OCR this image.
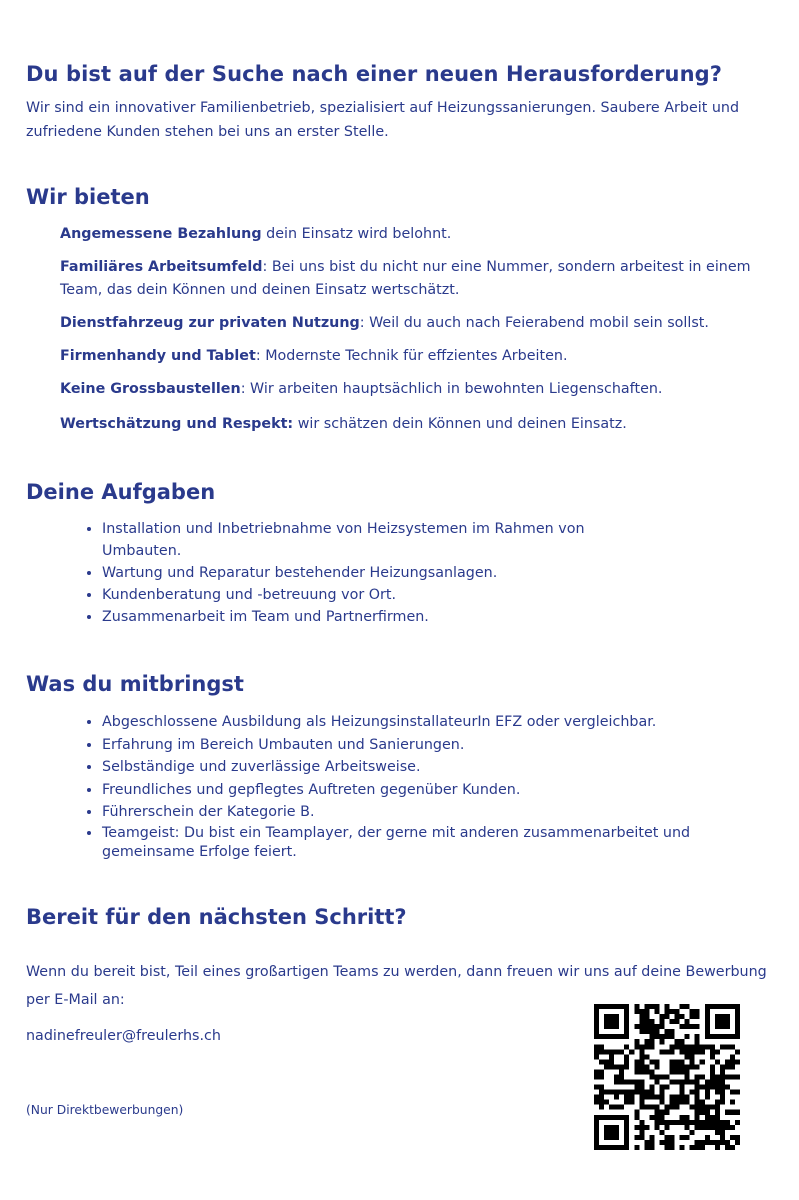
Du bist auf der Suche nach einer neuen Herausforderung?

Wir sind ein innovativer Familienbetrieb, spezialisiert auf Heizungssanierungen. Saubere Arbeit und zufriedene Kunden stehen bei uns an erster Stelle.

Wir bieten

Angemessene Bezahlung dein Einsatz wird belohnt.

Familiäres Arbeitsumfeld: Bei uns bist du nicht nur eine Nummer, sondern arbeitest in einem Team, das dein Können und deinen Einsatz wertschätzt.

Dienstfahrzeug zur privaten Nutzung: Weil du auch nach Feierabend mobil sein sollst.

Firmenhandy und Tablet: Modernste Technik für effzientes Arbeiten.

Keine Grossbaustellen: Wir arbeiten hauptsächlich in bewohnten Liegenschaften.

Wertschätzung und Respekt: wir schätzen dein Können und deinen Einsatz.

Deine Aufgaben
• Installation und Inbetriebnahme von Heizsystemen im Rahmen von Umbauten.
• Wartung und Reparatur bestehender Heizungsanlagen.
• Kundenberatung und -betreuung vor Ort.
• Zusammenarbeit im Team und Partnerfirmen.
Was du mitbringst
• Abgeschlossene Ausbildung als HeizungsinstallateurIn EFZ oder vergleichbar.
• Erfahrung im Bereich Umbauten und Sanierungen.
• Selbständige und zuverlässige Arbeitsweise.
• Freundliches und gepflegtes Auftreten gegenüber Kunden.
• Führerschein der Kategorie B.
• Teamgeist: Du bist ein Teamplayer, der gerne mit anderen zusammenarbeitet und gemeinsame Erfolge feiert.
Bereit für den nächsten Schritt?

Wenn du bereit bist, Teil eines großartigen Teams zu werden, dann freuen wir uns auf deine Bewerbung per E-Mail an:

nadinefreuler@freulerhs.ch

(Nur Direktbewerbungen)
